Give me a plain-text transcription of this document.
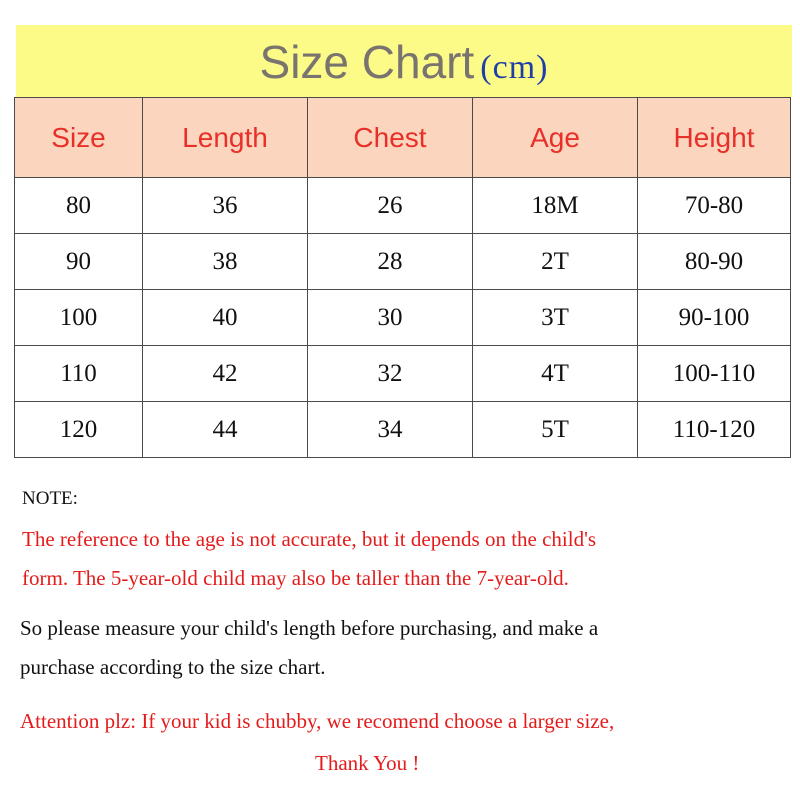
Size Chart (cm)
Size	Length	Chest	Age	Height
80	36	26	18M	70-80
90	38	28	2T	80-90
100	40	30	3T	90-100
110	42	32	4T	100-110
120	44	34	5T	110-120
NOTE:
The reference to the age is not accurate, but it depends on the child's
form. The 5-year-old child may also be taller than the 7-year-old.
So please measure your child's length before purchasing, and make a
purchase according to the size chart.
Attention plz: If your kid is chubby, we recomend choose a larger size,
Thank You !
